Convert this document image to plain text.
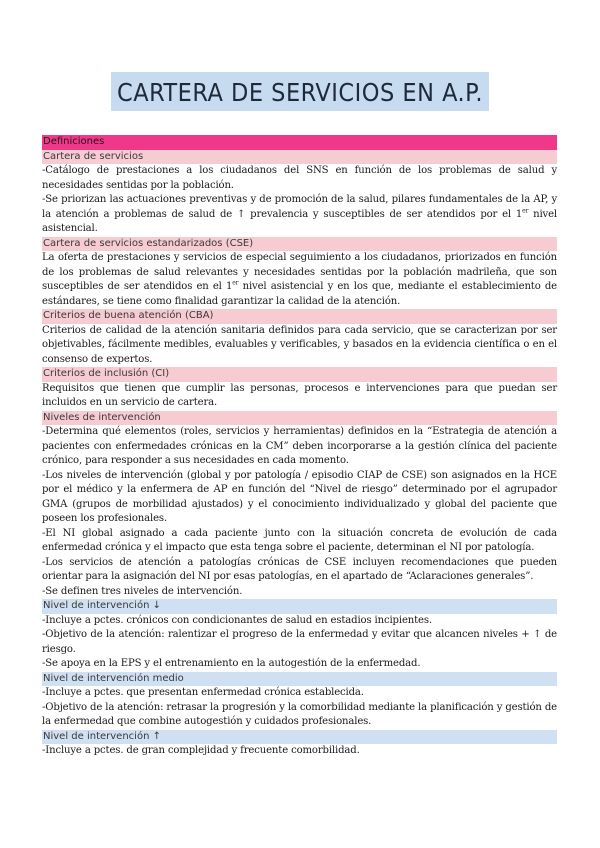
CARTERA DE SERVICIOS EN A.P.
Definiciones
Cartera de servicios

-Catálogo de prestaciones a los ciudadanos del SNS en función de los problemas de salud y necesidades sentidas por la población.

-Se priorizan las actuaciones preventivas y de promoción de la salud, pilares fundamentales de la AP, y la atención a problemas de salud de ↑ prevalencia y susceptibles de ser atendidos por el 1er nivel asistencial.

Cartera de servicios estandarizados (CSE)

La oferta de prestaciones y servicios de especial seguimiento a los ciudadanos, priorizados en función de los problemas de salud relevantes y necesidades sentidas por la población madrileña, que son susceptibles de ser atendidos en el 1er nivel asistencial y en los que, mediante el establecimiento de estándares, se tiene como finalidad garantizar la calidad de la atención.

Criterios de buena atención (CBA)

Criterios de calidad de la atención sanitaria definidos para cada servicio, que se caracterizan por ser objetivables, fácilmente medibles, evaluables y verificables, y basados en la evidencia científica o en el consenso de expertos.

Criterios de inclusión (CI)

Requisitos que tienen que cumplir las personas, procesos e intervenciones para que puedan ser incluidos en un servicio de cartera.

Niveles de intervención

-Determina qué elementos (roles, servicios y herramientas) definidos en la “Estrategia de atención a pacientes con enfermedades crónicas en la CM” deben incorporarse a la gestión clínica del paciente crónico, para responder a sus necesidades en cada momento.

-Los niveles de intervención (global y por patología / episodio CIAP de CSE) son asignados en la HCE por el médico y la enfermera de AP en función del “Nivel de riesgo” determinado por el agrupador GMA (grupos de morbilidad ajustados) y el conocimiento individualizado y global del paciente que poseen los profesionales.

-El NI global asignado a cada paciente junto con la situación concreta de evolución de cada enfermedad crónica y el impacto que esta tenga sobre el paciente, determinan el NI por patología.

-Los servicios de atención a patologías crónicas de CSE incluyen recomendaciones que pueden orientar para la asignación del NI por esas patologías, en el apartado de “Aclaraciones generales”.

-Se definen tres niveles de intervención.

Nivel de intervención ↓

-Incluye a pctes. crónicos con condicionantes de salud en estadios incipientes.

-Objetivo de la atención: ralentizar el progreso de la enfermedad y evitar que alcancen niveles + ↑ de riesgo.

-Se apoya en la EPS y el entrenamiento en la autogestión de la enfermedad.

Nivel de intervención medio

-Incluye a pctes. que presentan enfermedad crónica establecida.

-Objetivo de la atención: retrasar la progresión y la comorbilidad mediante la planificación y gestión de la enfermedad que combine autogestión y cuidados profesionales.

Nivel de intervención ↑

-Incluye a pctes. de gran complejidad y frecuente comorbilidad.
